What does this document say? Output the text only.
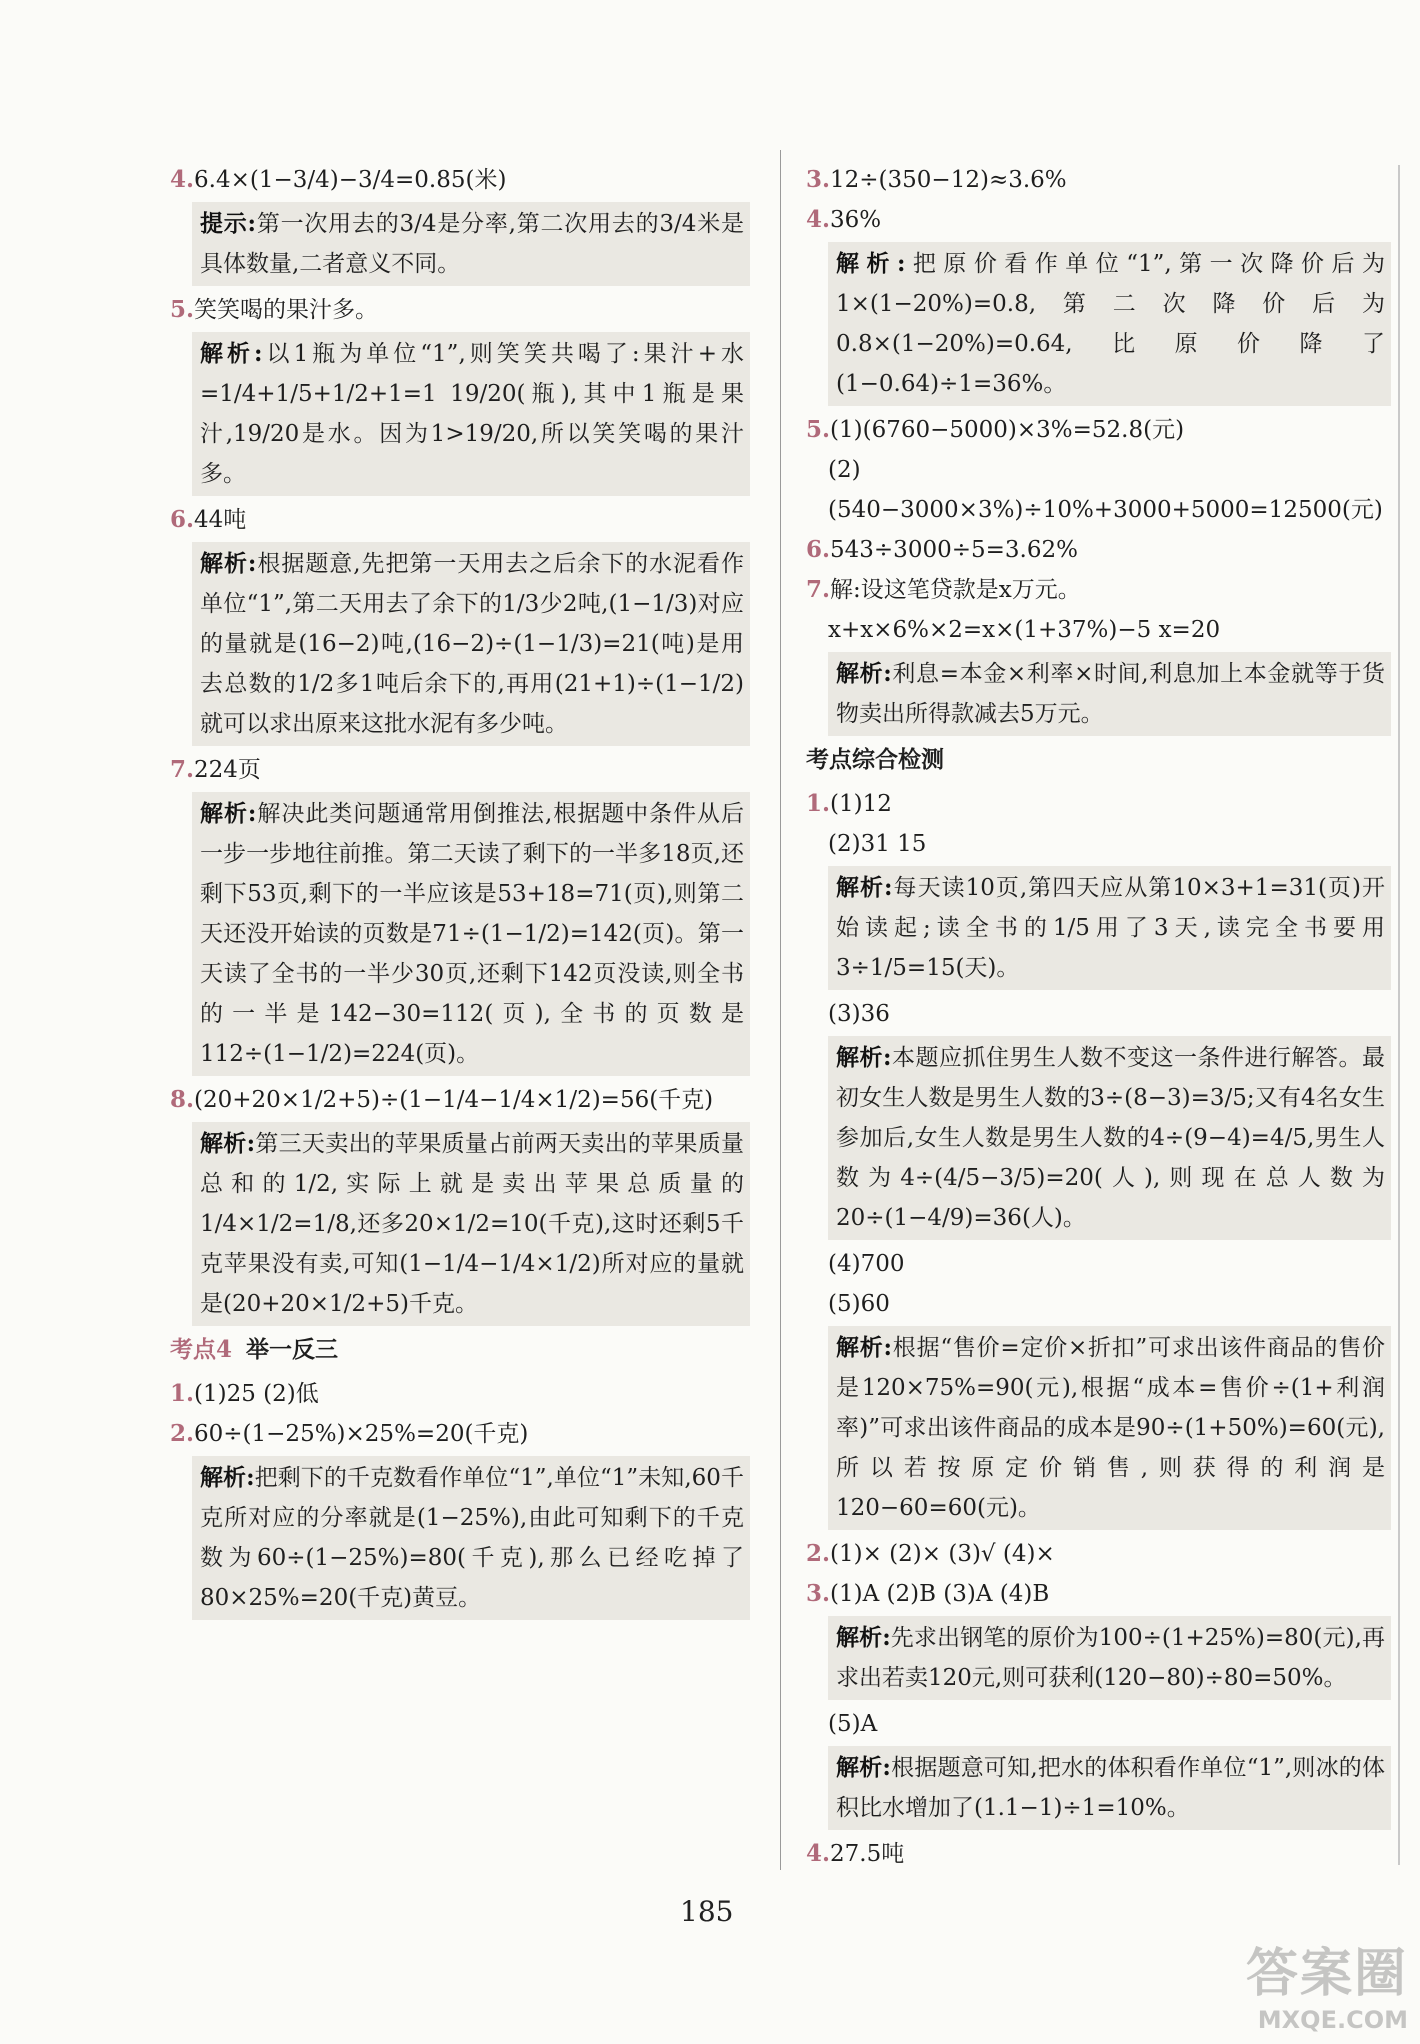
4.6.4×(1−3/4)−3/4=0.85(米)
提示:第一次用去的3/4是分率,第二次用去的3/4米是具体数量,二者意义不同。
5.笑笑喝的果汁多。
解析:以1瓶为单位“1”,则笑笑共喝了:果汁+水=1/4+1/5+1/2+1=1 19/20(瓶),其中1瓶是果汁,19/20是水。因为1>19/20,所以笑笑喝的果汁多。
6.44吨
解析:根据题意,先把第一天用去之后余下的水泥看作单位“1”,第二天用去了余下的1/3少2吨,(1−1/3)对应的量就是(16−2)吨,(16−2)÷(1−1/3)=21(吨)是用去总数的1/2多1吨后余下的,再用(21+1)÷(1−1/2)就可以求出原来这批水泥有多少吨。
7.224页
解析:解决此类问题通常用倒推法,根据题中条件从后一步一步地往前推。第二天读了剩下的一半多18页,还剩下53页,剩下的一半应该是53+18=71(页),则第二天还没开始读的页数是71÷(1−1/2)=142(页)。第一天读了全书的一半少30页,还剩下142页没读,则全书的一半是142−30=112(页),全书的页数是112÷(1−1/2)=224(页)。
8.(20+20×1/2+5)÷(1−1/4−1/4×1/2)=56(千克)
解析:第三天卖出的苹果质量占前两天卖出的苹果质量总和的1/2,实际上就是卖出苹果总质量的1/4×1/2=1/8,还多20×1/2=10(千克),这时还剩5千克苹果没有卖,可知(1−1/4−1/4×1/2)所对应的量就是(20+20×1/2+5)千克。
考点4 举一反三
1.(1)25 (2)低
2.60÷(1−25%)×25%=20(千克)
解析:把剩下的千克数看作单位“1”,单位“1”未知,60千克所对应的分率就是(1−25%),由此可知剩下的千克数为60÷(1−25%)=80(千克),那么已经吃掉了80×25%=20(千克)黄豆。
3.12÷(350−12)≈3.6%
4.36%
解析:把原价看作单位“1”,第一次降价后为1×(1−20%)=0.8,第二次降价后为0.8×(1−20%)=0.64,比原价降了(1−0.64)÷1=36%。
5.(1)(6760−5000)×3%=52.8(元)
(2)(540−3000×3%)÷10%+3000+5000=12500(元)
6.543÷3000÷5=3.62%
7.解:设这笔贷款是x万元。
x+x×6%×2=x×(1+37%)−5 x=20
解析:利息=本金×利率×时间,利息加上本金就等于货物卖出所得款减去5万元。
考点综合检测
1.(1)12
(2)31 15
解析:每天读10页,第四天应从第10×3+1=31(页)开始读起;读全书的1/5用了3天,读完全书要用3÷1/5=15(天)。
(3)36
解析:本题应抓住男生人数不变这一条件进行解答。最初女生人数是男生人数的3÷(8−3)=3/5;又有4名女生参加后,女生人数是男生人数的4÷(9−4)=4/5,男生人数为4÷(4/5−3/5)=20(人),则现在总人数为20÷(1−4/9)=36(人)。
(4)700
(5)60
解析:根据“售价=定价×折扣”可求出该件商品的售价是120×75%=90(元),根据“成本=售价÷(1+利润率)”可求出该件商品的成本是90÷(1+50%)=60(元),所以若按原定价销售,则获得的利润是120−60=60(元)。
2.(1)× (2)× (3)√ (4)×
3.(1)A (2)B (3)A (4)B
解析:先求出钢笔的原价为100÷(1+25%)=80(元),再求出若卖120元,则可获利(120−80)÷80=50%。
(5)A
解析:根据题意可知,把水的体积看作单位“1”,则冰的体积比水增加了(1.1−1)÷1=10%。
4.27.5吨
185
答案圈
MXQE.COM
